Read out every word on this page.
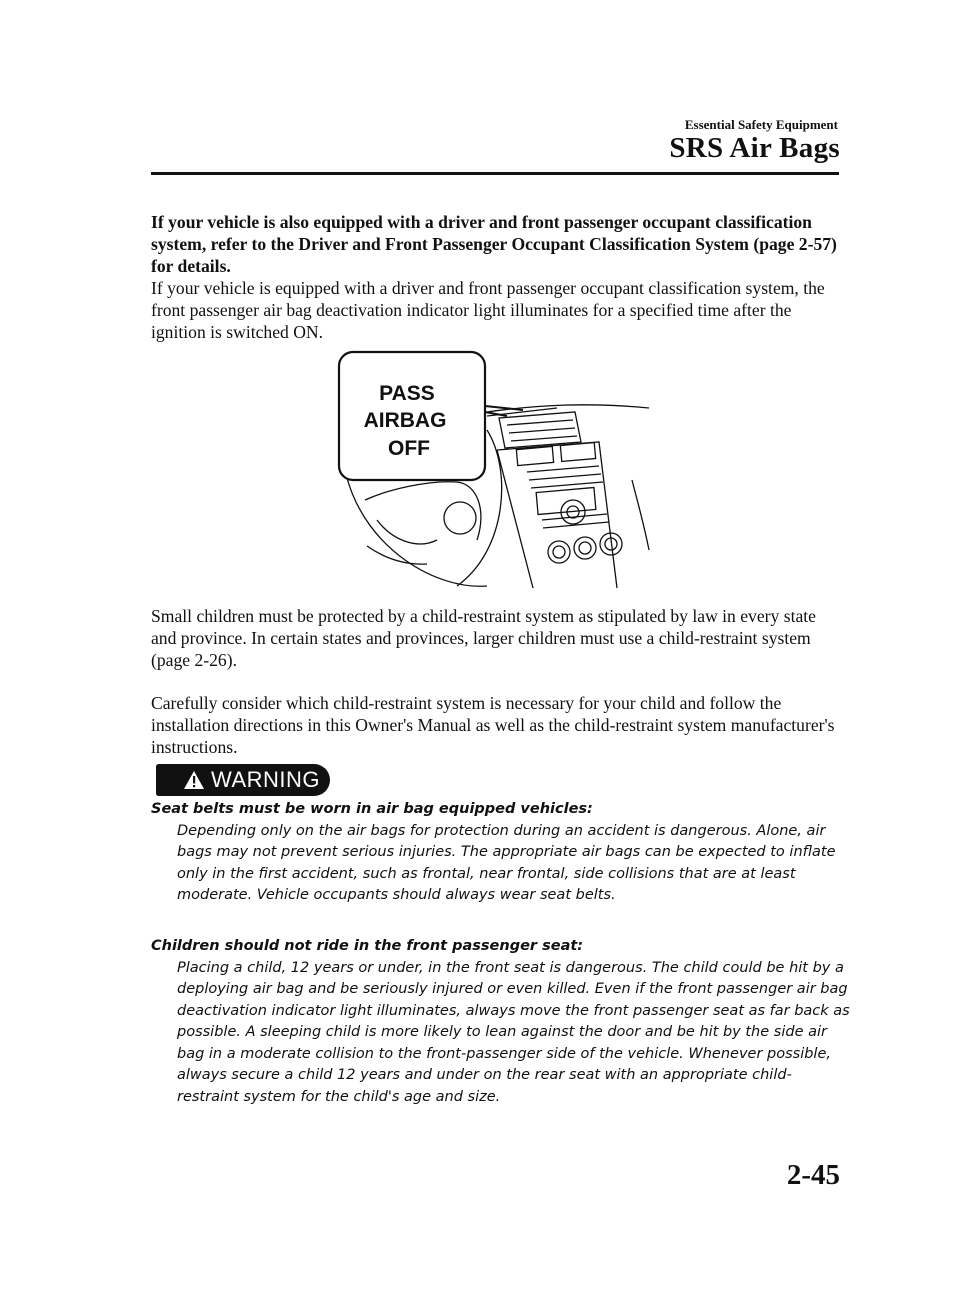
Essential Safety Equipment
SRS Air Bags
If your vehicle is also equipped with a driver and front passenger occupant classification system, refer to the Driver and Front Passenger Occupant Classification System (page 2-57) for details.
If your vehicle is equipped with a driver and front passenger occupant classification system, the front passenger air bag deactivation indicator light illuminates for a specified time after the ignition is switched ON.
PASS
AIRBAG
OFF
Small children must be protected by a child-restraint system as stipulated by law in every state and province. In certain states and provinces, larger children must use a child-restraint system (page 2-26).
Carefully consider which child-restraint system is necessary for your child and follow the installation directions in this Owner's Manual as well as the child-restraint system manufacturer's instructions.
WARNING
Seat belts must be worn in air bag equipped vehicles:
Depending only on the air bags for protection during an accident is dangerous. Alone, air bags may not prevent serious injuries. The appropriate air bags can be expected to inflate only in the first accident, such as frontal, near frontal, side collisions that are at least moderate. Vehicle occupants should always wear seat belts.
Children should not ride in the front passenger seat:
Placing a child, 12 years or under, in the front seat is dangerous. The child could be hit by a deploying air bag and be seriously injured or even killed. Even if the front passenger air bag deactivation indicator light illuminates, always move the front passenger seat as far back as possible. A sleeping child is more likely to lean against the door and be hit by the side air bag in a moderate collision to the front-passenger side of the vehicle. Whenever possible, always secure a child 12 years and under on the rear seat with an appropriate child-restraint system for the child's age and size.
2-45
